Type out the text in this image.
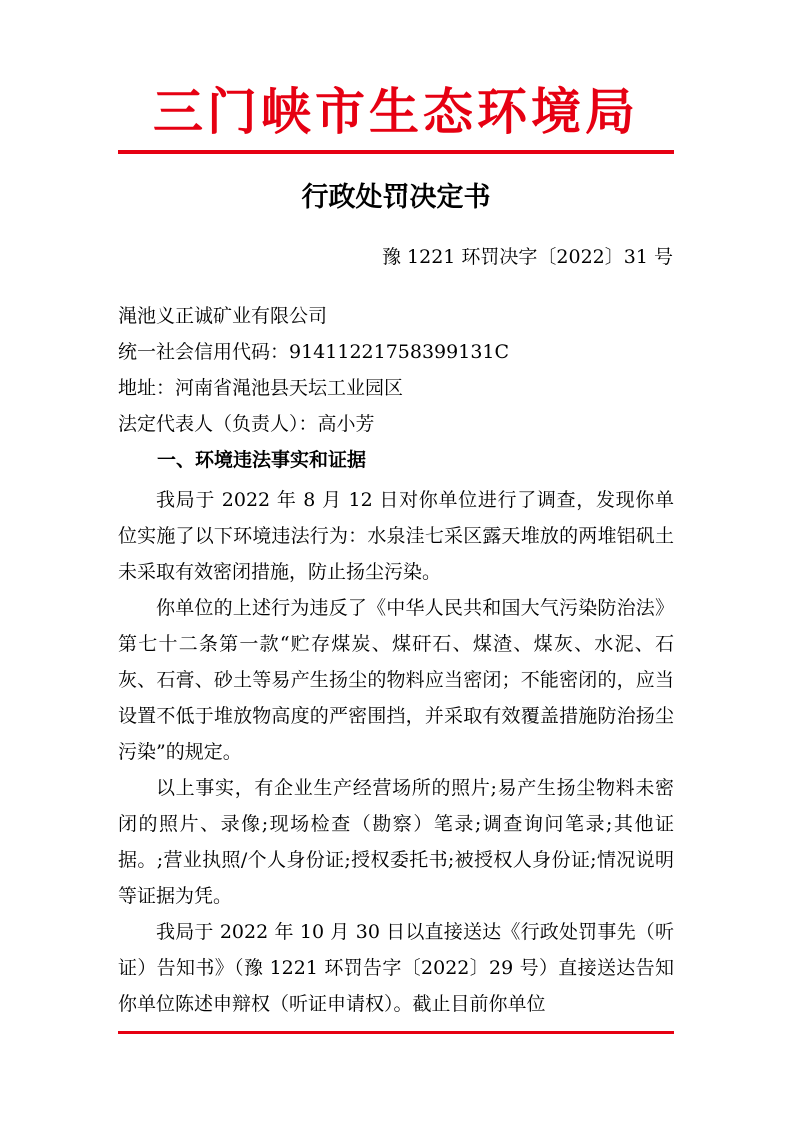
三门峡市生态环境局
行政处罚决定书
豫 1221 环罚决字〔2022〕31 号
渑池义正诚矿业有限公司
统一社会信用代码：91411221758399131C
地址：河南省渑池县天坛工业园区
法定代表人（负责人）：高小芳
一、环境违法事实和证据
我局于 2022 年 8 月 12 日对你单位进行了调查，发现你单位实施了以下环境违法行为：水泉洼七采区露天堆放的两堆铝矾土未采取有效密闭措施，防止扬尘污染。
你单位的上述行为违反了《中华人民共和国大气污染防治法》第七十二条第一款“贮存煤炭、煤矸石、煤渣、煤灰、水泥、石灰、石膏、砂土等易产生扬尘的物料应当密闭；不能密闭的，应当设置不低于堆放物高度的严密围挡，并采取有效覆盖措施防治扬尘污染”的规定。
以上事实，有企业生产经营场所的照片;易产生扬尘物料未密闭的照片、录像;现场检查（勘察）笔录;调查询问笔录;其他证据。;营业执照/个人身份证;授权委托书;被授权人身份证;情况说明等证据为凭。
我局于 2022 年 10 月 30 日以直接送达《行政处罚事先（听证）告知书》（豫 1221 环罚告字〔2022〕29 号）直接送达告知你单位陈述申辩权（听证申请权）。截止目前你单位
